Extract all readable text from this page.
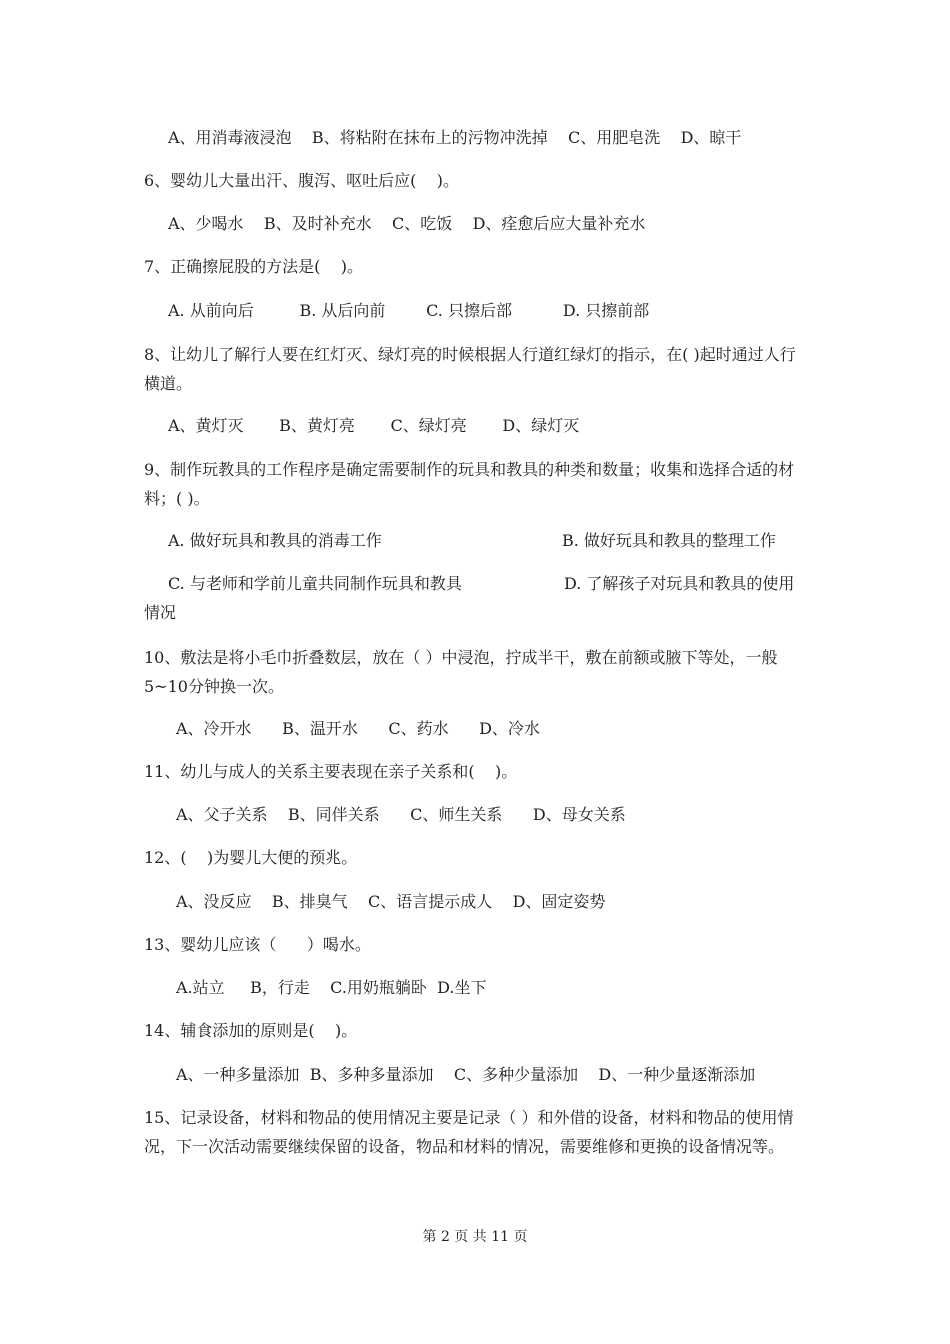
A、用消毒液浸泡    B、将粘附在抹布上的污物冲洗掉    C、用肥皂洗    D、晾干
6、婴幼儿大量出汗、腹泻、呕吐后应(    )。
A、少喝水    B、及时补充水    C、吃饭    D、痊愈后应大量补充水
7、正确擦屁股的方法是(    )。
A. 从前向后         B. 从后向前        C. 只擦后部          D. 只擦前部
8、让幼儿了解行人要在红灯灭、绿灯亮的时候根据人行道红绿灯的指示，在( )起时通过人行横道。
A、黄灯灭       B、黄灯亮       C、绿灯亮       D、绿灯灭
9、制作玩教具的工作程序是确定需要制作的玩具和教具的种类和数量；收集和选择合适的材料；( )。
A. 做好玩具和教具的消毒工作	B. 做好玩具和教具的整理工作
C. 与老师和学前儿童共同制作玩具和教具	D. 了解孩子对玩具和教具的使用
情况
10、敷法是将小毛巾折叠数层，放在（ ）中浸泡，拧成半干，敷在前额或腋下等处，一般5~10分钟换一次。
A、冷开水      B、温开水      C、药水      D、冷水
11、幼儿与成人的关系主要表现在亲子关系和(    )。
A、父子关系    B、同伴关系      C、师生关系      D、母女关系
12、(    )为婴儿大便的预兆。
A、没反应    B、排臭气    C、语言提示成人    D、固定姿势
13、婴幼儿应该（      ）喝水。
A.站立     B，行走    C.用奶瓶躺卧  D.坐下
14、辅食添加的原则是(    )。
A、一种多量添加  B、多种多量添加    C、多种少量添加    D、一种少量逐渐添加
15、记录设备，材料和物品的使用情况主要是记录（ ）和外借的设备，材料和物品的使用情况，下一次活动需要继续保留的设备，物品和材料的情况，需要维修和更换的设备情况等。
第 2 页 共 11 页
